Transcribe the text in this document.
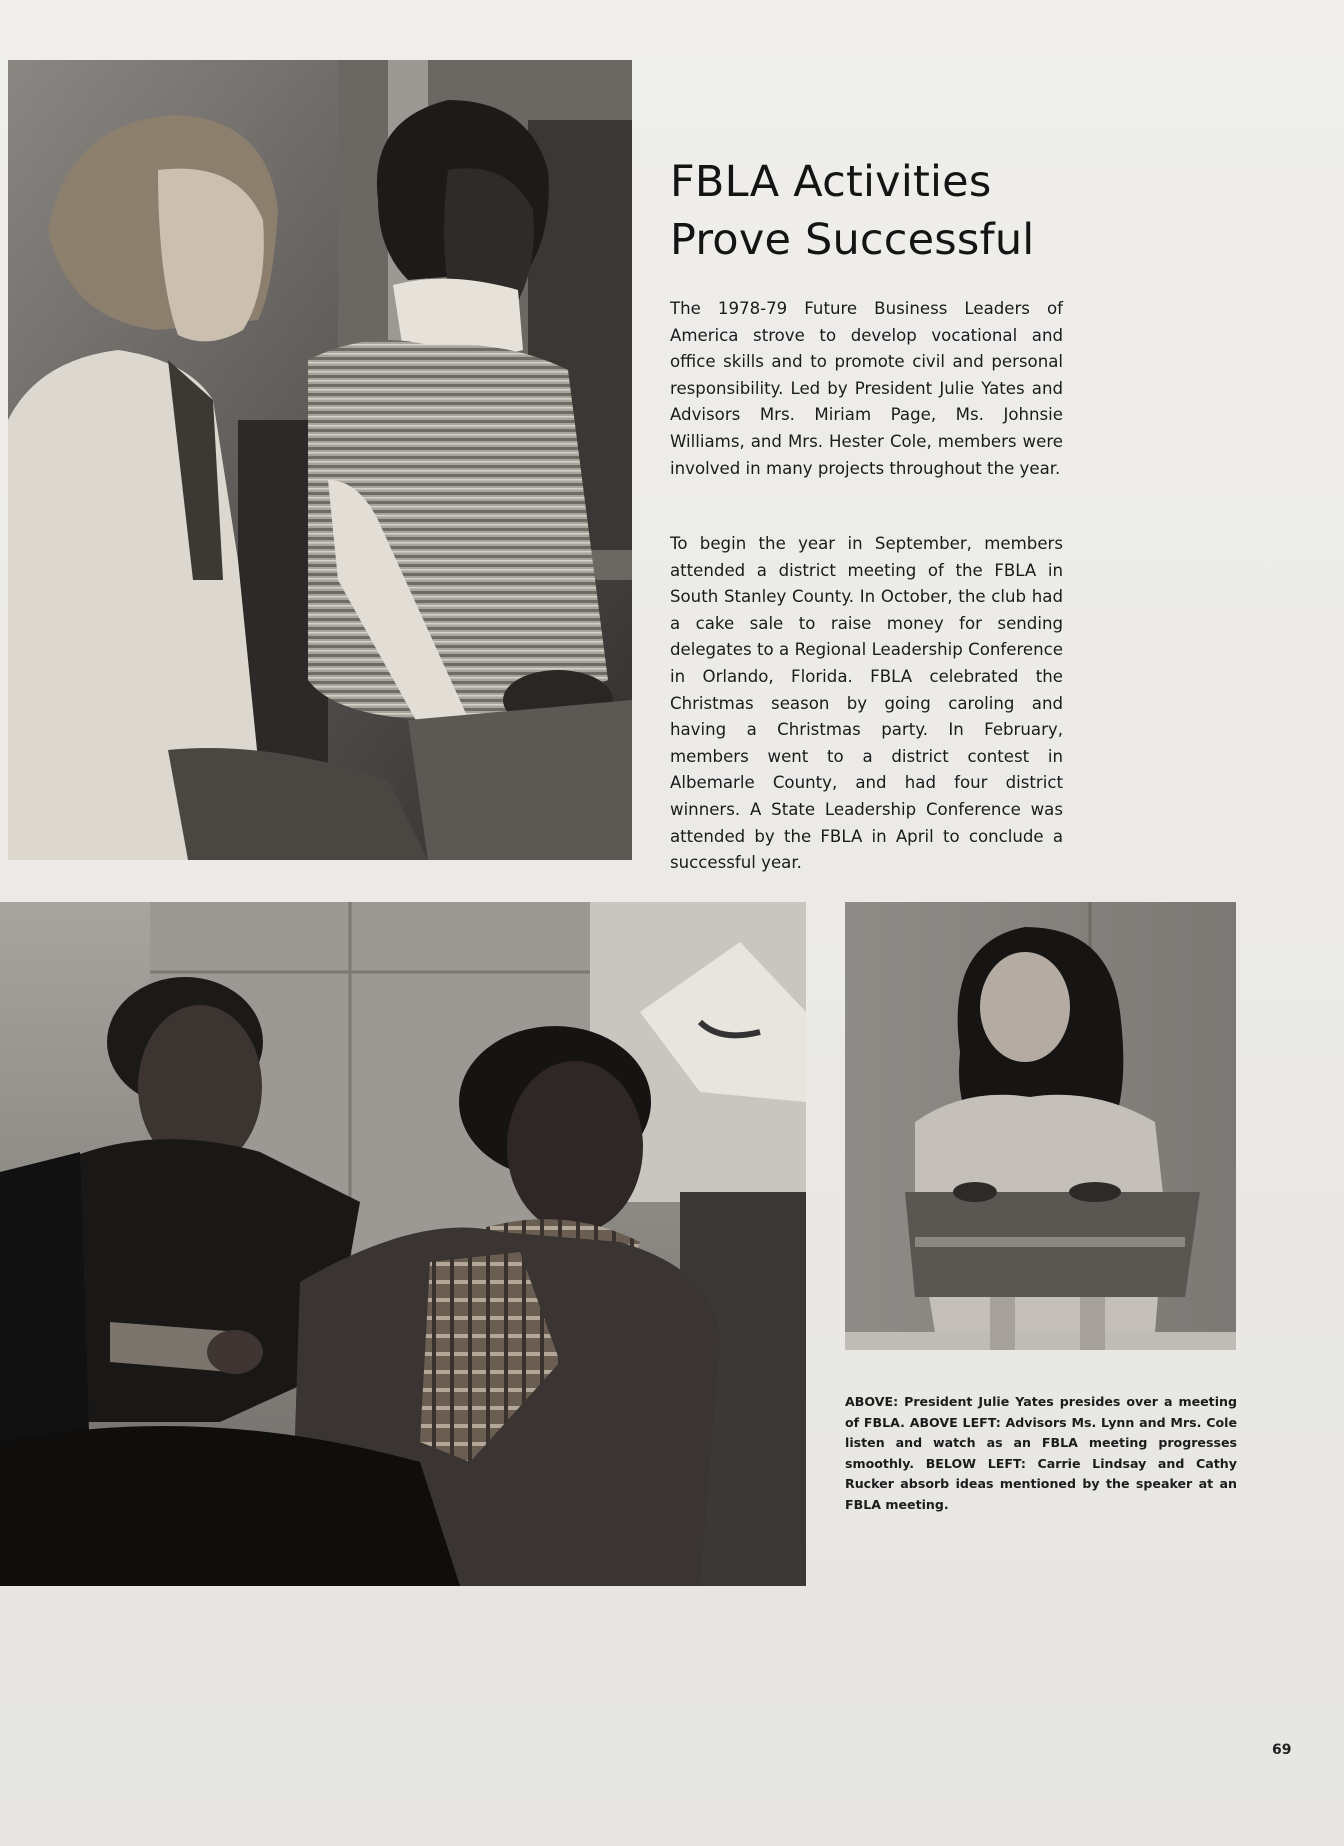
FBLA Activities
Prove Successful

The 1978-79 Future Business Leaders of America strove to develop vocational and office skills and to promote civil and personal responsibility. Led by President Julie Yates and Advisors Mrs. Miriam Page, Ms. Johnsie Williams, and Mrs. Hester Cole, members were involved in many projects throughout the year.

To begin the year in September, members attended a district meeting of the FBLA in South Stanley County. In October, the club had a cake sale to raise money for sending delegates to a Regional Leadership Conference in Orlando, Florida. FBLA celebrated the Christmas season by going caroling and having a Christmas party. In February, members went to a district contest in Albemarle County, and had four district winners. A State Leadership Conference was attended by the FBLA in April to conclude a successful year.

ABOVE: President Julie Yates presides over a meeting of FBLA. ABOVE LEFT: Advisors Ms. Lynn and Mrs. Cole listen and watch as an FBLA meeting progresses smoothly. BELOW LEFT: Carrie Lindsay and Cathy Rucker absorb ideas mentioned by the speaker at an FBLA meeting.

69
